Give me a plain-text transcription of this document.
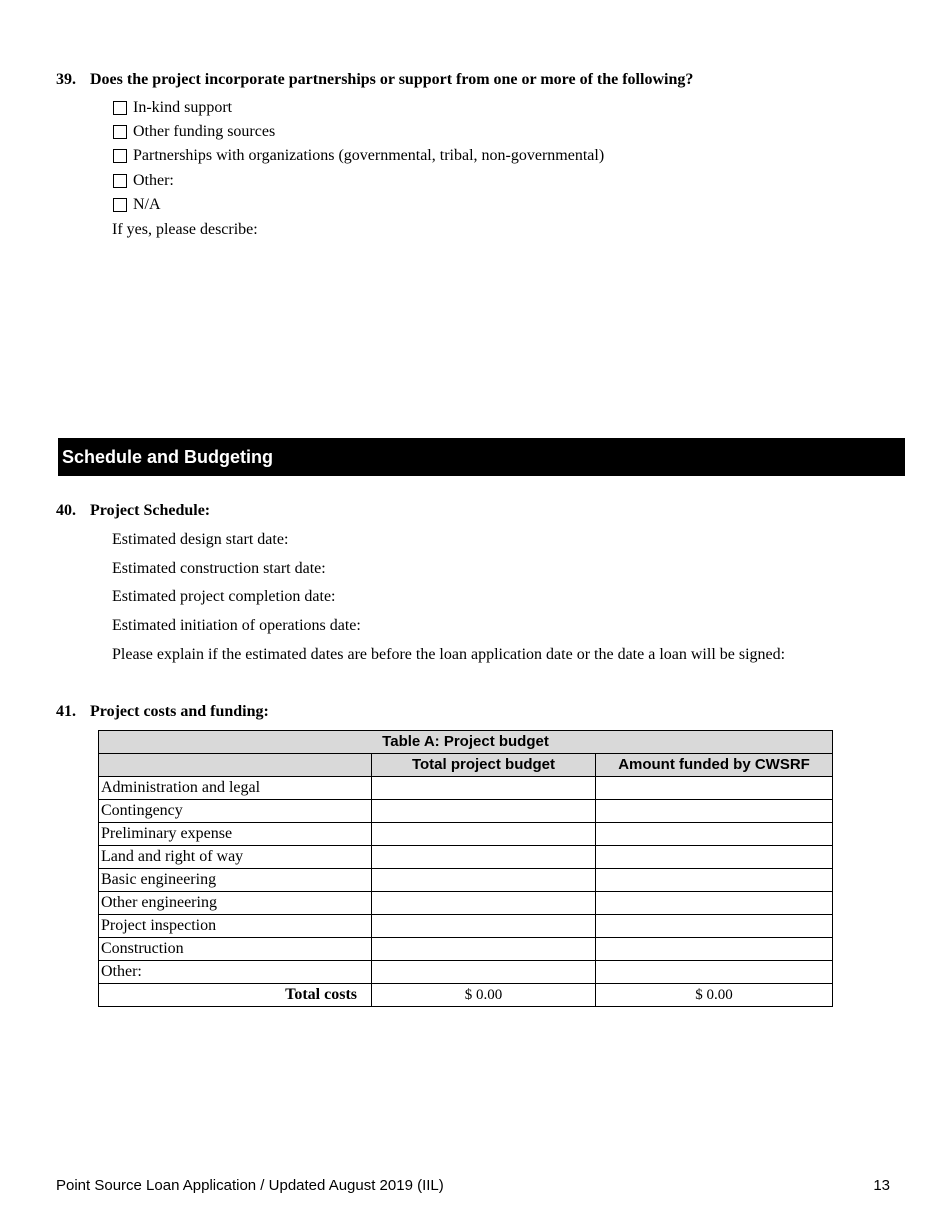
39. Does the project incorporate partnerships or support from one or more of the following?
In-kind support
Other funding sources
Partnerships with organizations (governmental, tribal, non-governmental)
Other:
N/A
If yes, please describe:
Schedule and Budgeting
40. Project Schedule:
Estimated design start date:
Estimated construction start date:
Estimated project completion date:
Estimated initiation of operations date:
Please explain if the estimated dates are before the loan application date or the date a loan will be signed:
41. Project costs and funding:
Table A: Project budget		
	Total project budget	Amount funded by CWSRF
Administration and legal		
Contingency		
Preliminary expense		
Land and right of way		
Basic engineering		
Other engineering		
Project inspection		
Construction		
Other:		
Total costs	$ 0.00	$ 0.00
Point Source Loan Application / Updated August 2019 (IIL)	13
